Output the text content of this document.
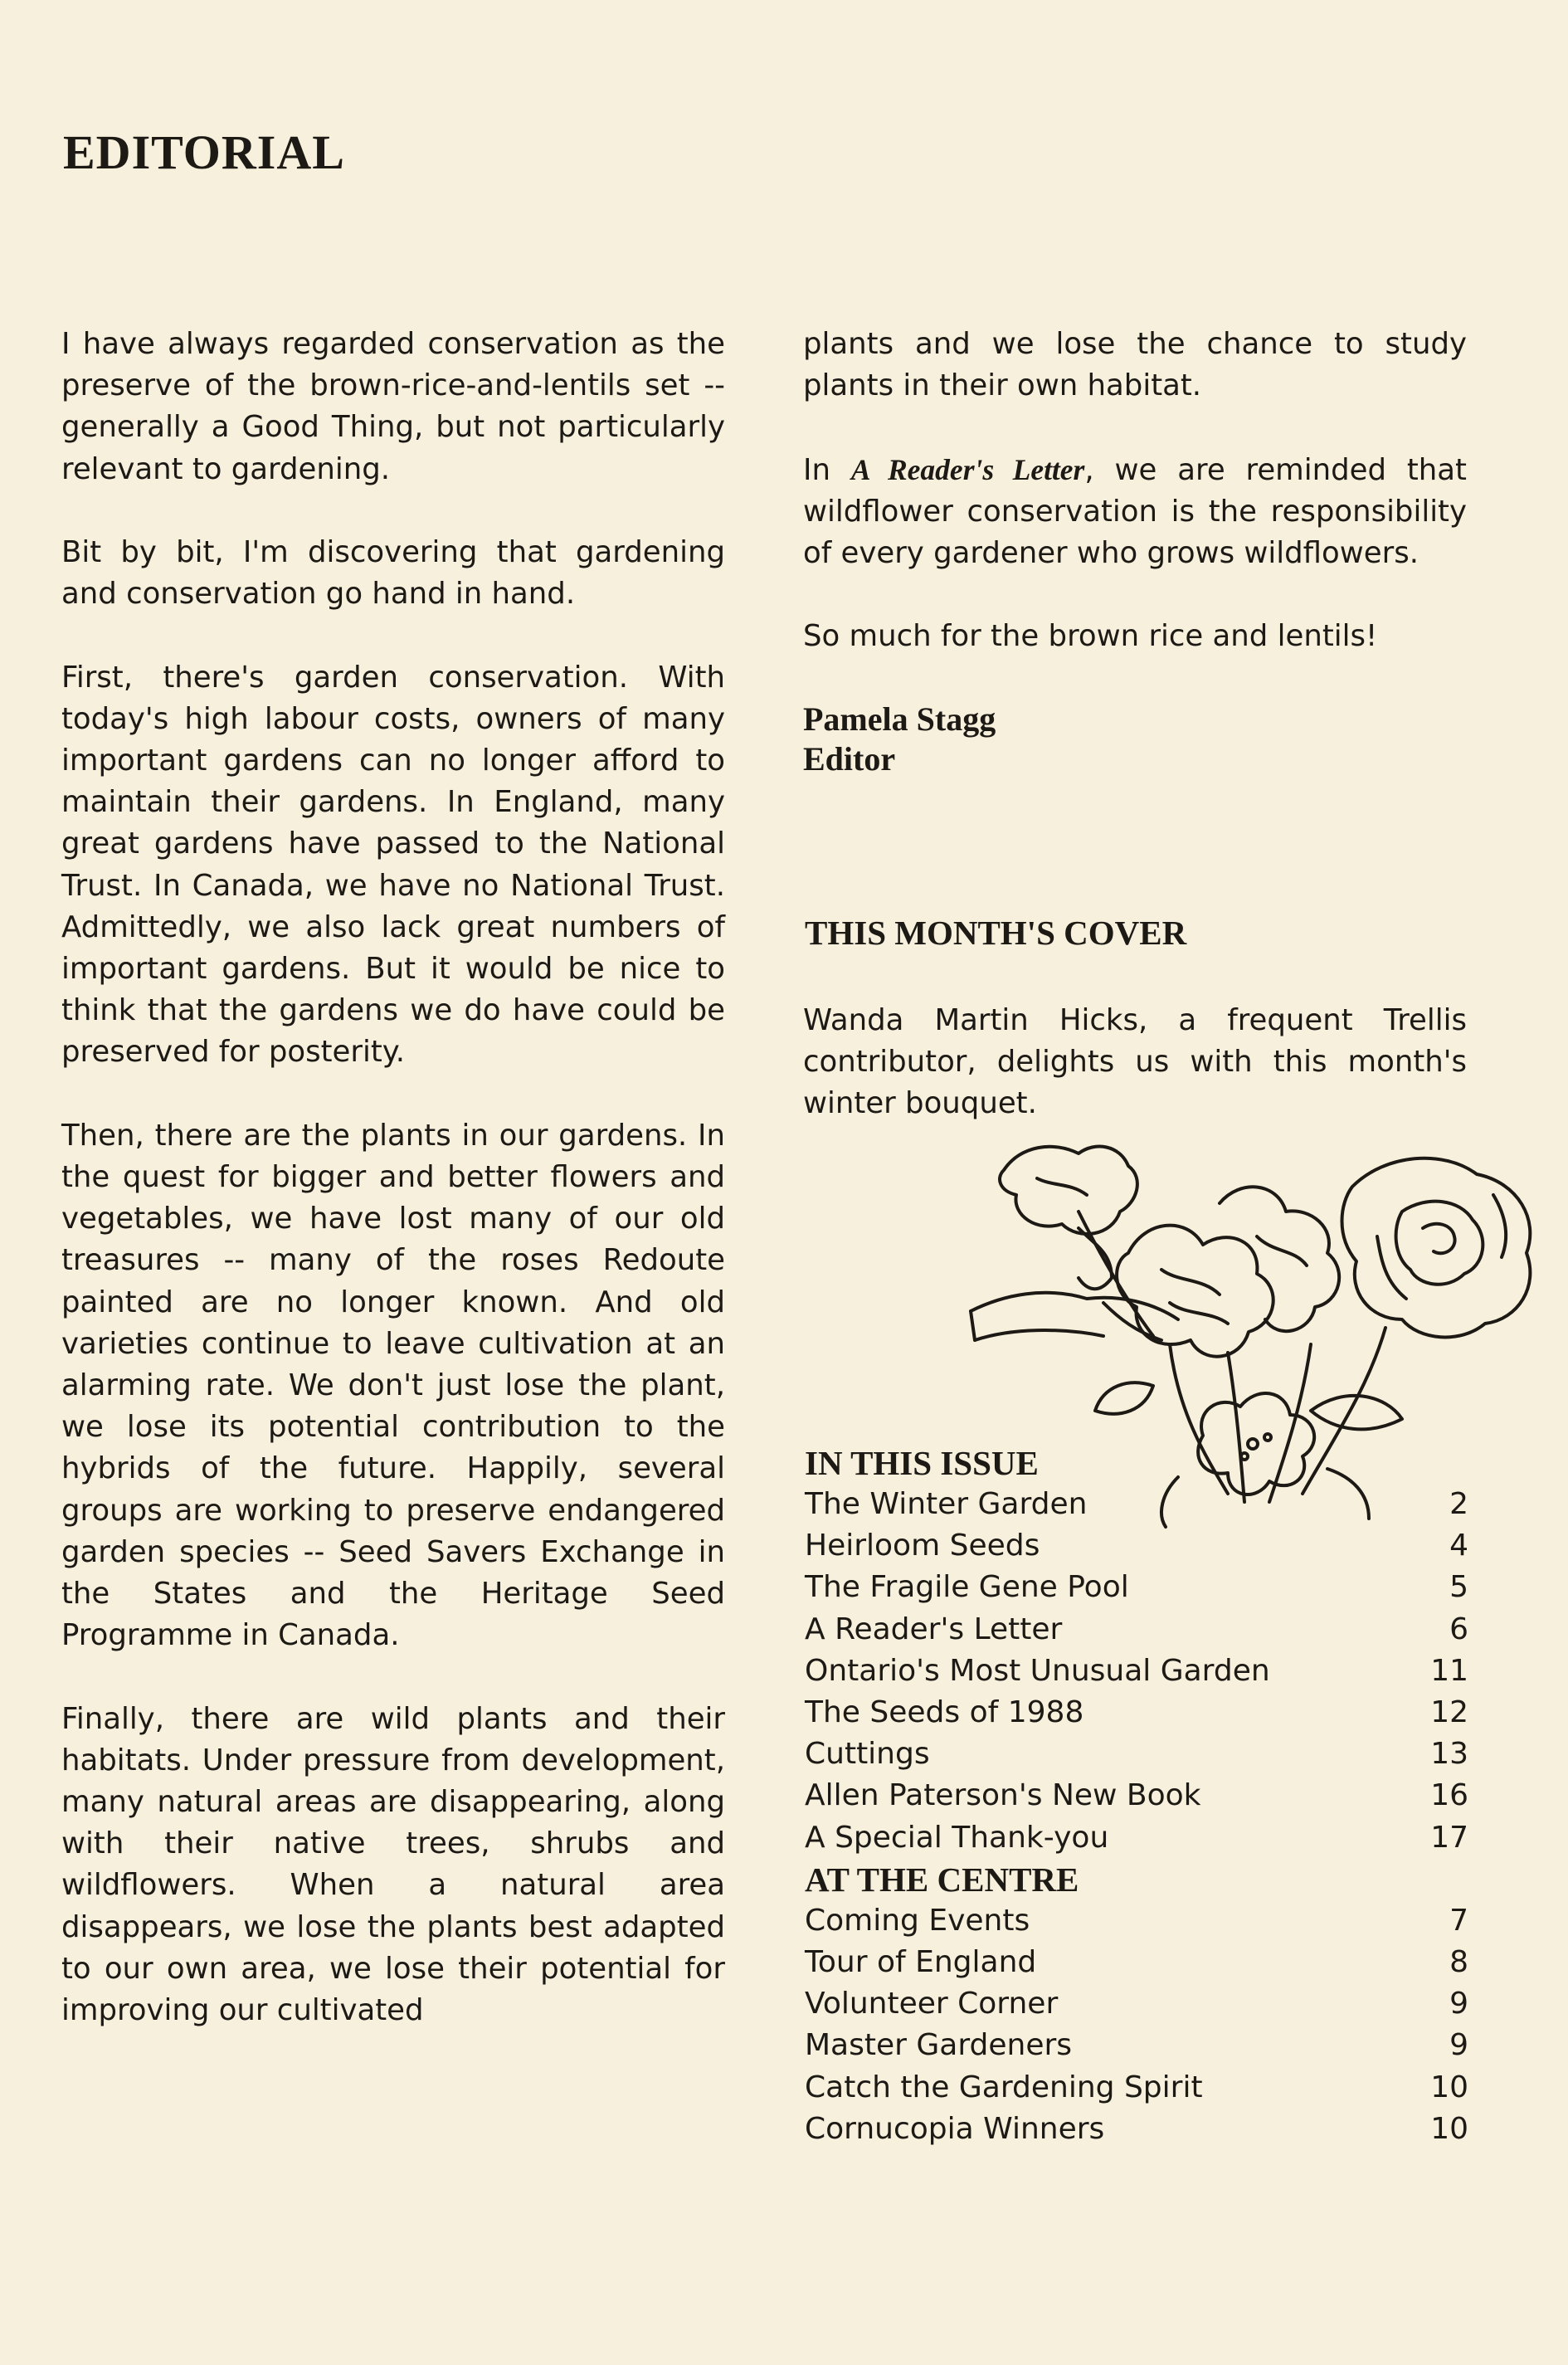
EDITORIAL

I have always regarded conservation as the preserve of the brown-rice-and-lentils set -- generally a Good Thing, but not particularly relevant to gardening.

Bit by bit, I'm discovering that gardening and conservation go hand in hand.

First, there's garden conservation. With today's high labour costs, owners of many important gardens can no longer afford to maintain their gardens. In England, many great gardens have passed to the National Trust. In Canada, we have no National Trust. Admittedly, we also lack great numbers of important gardens. But it would be nice to think that the gardens we do have could be preserved for posterity.

Then, there are the plants in our gardens. In the quest for bigger and better flowers and vegetables, we have lost many of our old treasures -- many of the roses Redoute painted are no longer known. And old varieties continue to leave cultivation at an alarming rate. We don't just lose the plant, we lose its potential contribution to the hybrids of the future. Happily, several groups are working to preserve endangered garden species -- Seed Savers Exchange in the States and the Heritage Seed Programme in Canada.

Finally, there are wild plants and their habitats. Under pressure from development, many natural areas are disappearing, along with their native trees, shrubs and wildflowers. When a natural area disappears, we lose the plants best adapted to our own area, we lose their potential for improving our cultivated

plants and we lose the chance to study plants in their own habitat.

In A Reader's Letter, we are reminded that wildflower conservation is the responsibility of every gardener who grows wildflowers.

So much for the brown rice and lentils!

Pamela Stagg
Editor
THIS MONTH'S COVER

Wanda Martin Hicks, a frequent Trellis contributor, delights us with this month's winter bouquet.

IN THIS ISSUE
The Winter Garden	2
Heirloom Seeds	4
The Fragile Gene Pool	5
A Reader's Letter	6
Ontario's Most Unusual Garden	11
The Seeds of 1988	12
Cuttings	13
Allen Paterson's New Book	16
A Special Thank-you	17
AT THE CENTRE
Coming Events	7
Tour of England	8
Volunteer Corner	9
Master Gardeners	9
Catch the Gardening Spirit	10
Cornucopia Winners	10
